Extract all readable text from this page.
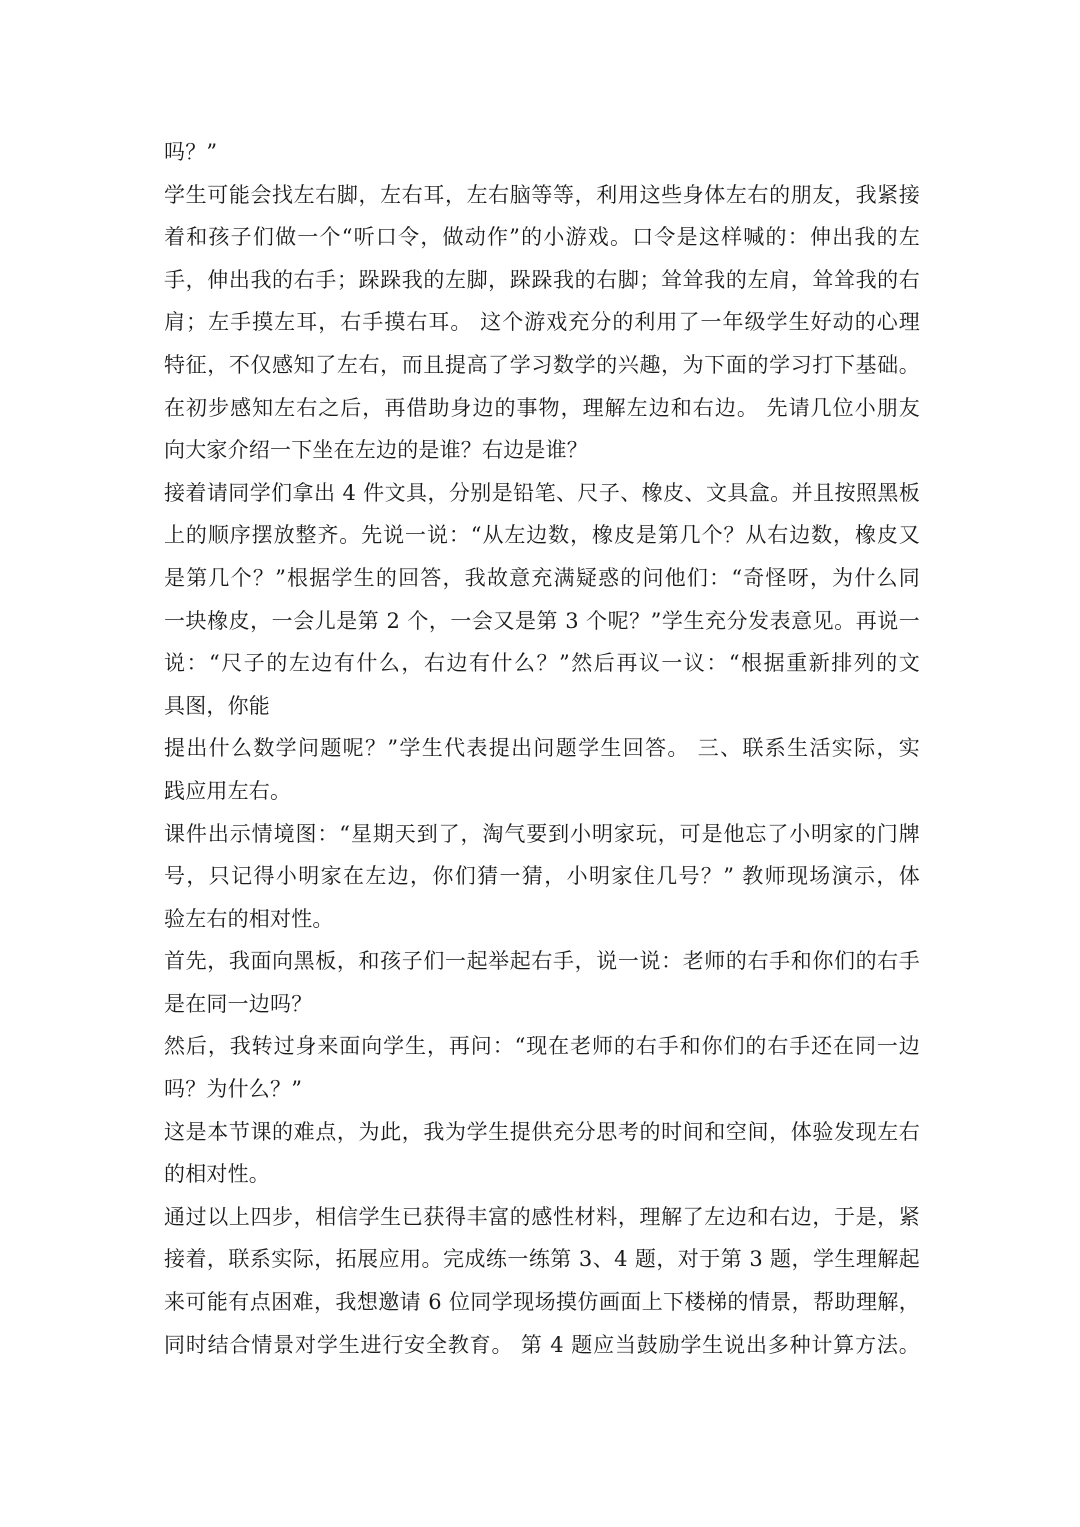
吗？”
学生可能会找左右脚，左右耳，左右脑等等，利用这些身体左右的朋友，我紧接
着和孩子们做一个“听口令，做动作”的小游戏。口令是这样喊的：伸出我的左
手，伸出我的右手；跺跺我的左脚，跺跺我的右脚；耸耸我的左肩，耸耸我的右
肩；左手摸左耳，右手摸右耳。 这个游戏充分的利用了一年级学生好动的心理
特征，不仅感知了左右，而且提高了学习数学的兴趣，为下面的学习打下基础。
在初步感知左右之后，再借助身边的事物，理解左边和右边。 先请几位小朋友
向大家介绍一下坐在左边的是谁？右边是谁？
接着请同学们拿出 4 件文具，分别是铅笔、尺子、橡皮、文具盒。并且按照黑板
上的顺序摆放整齐。先说一说：“从左边数，橡皮是第几个？从右边数，橡皮又
是第几个？”根据学生的回答，我故意充满疑惑的问他们：“奇怪呀，为什么同
一块橡皮，一会儿是第 2 个，一会又是第 3 个呢？”学生充分发表意见。再说一
说：“尺子的左边有什么，右边有什么？”然后再议一议：“根据重新排列的文
具图，你能
提出什么数学问题呢？”学生代表提出问题学生回答。 三、联系生活实际，实
践应用左右。
课件出示情境图：“星期天到了，淘气要到小明家玩，可是他忘了小明家的门牌
号，只记得小明家在左边，你们猜一猜，小明家住几号？” 教师现场演示，体
验左右的相对性。
首先，我面向黑板，和孩子们一起举起右手，说一说：老师的右手和你们的右手
是在同一边吗？
然后，我转过身来面向学生，再问：“现在老师的右手和你们的右手还在同一边
吗？为什么？”
这是本节课的难点，为此，我为学生提供充分思考的时间和空间，体验发现左右
的相对性。
通过以上四步，相信学生已获得丰富的感性材料，理解了左边和右边，于是，紧
接着，联系实际，拓展应用。完成练一练第 3、4 题，对于第 3 题，学生理解起
来可能有点困难，我想邀请 6 位同学现场摸仿画面上下楼梯的情景，帮助理解，
同时结合情景对学生进行安全教育。 第 4 题应当鼓励学生说出多种计算方法。
